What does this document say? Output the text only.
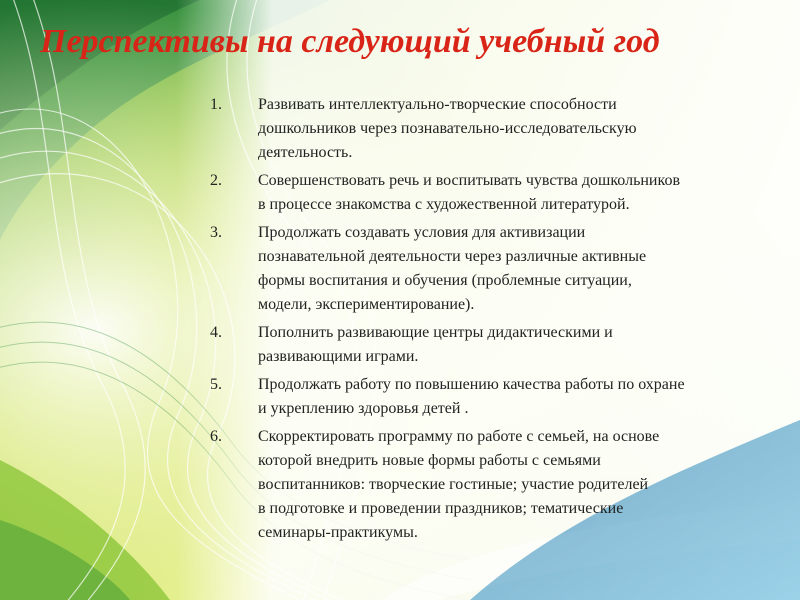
Перспективы на следующий учебный год
1.	Развивать интеллектуально-творческие способности
дошкольников через познавательно-исследовательскую
деятельность.
2.	Совершенствовать речь и воспитывать чувства дошкольников
в процессе знакомства с художественной литературой.
3.	Продолжать создавать условия для активизации
познавательной деятельности через различные активные
формы воспитания и обучения (проблемные ситуации,
модели, экспериментирование).
4.	Пополнить развивающие центры дидактическими и
развивающими играми.
5.	Продолжать работу по повышению качества работы по охране
и укреплению здоровья детей .
6.	Скорректировать программу по работе с семьей, на основе
которой внедрить новые формы работы с семьями
воспитанников: творческие гостиные; участие родителей
в подготовке и проведении праздников; тематические
семинары-практикумы.
